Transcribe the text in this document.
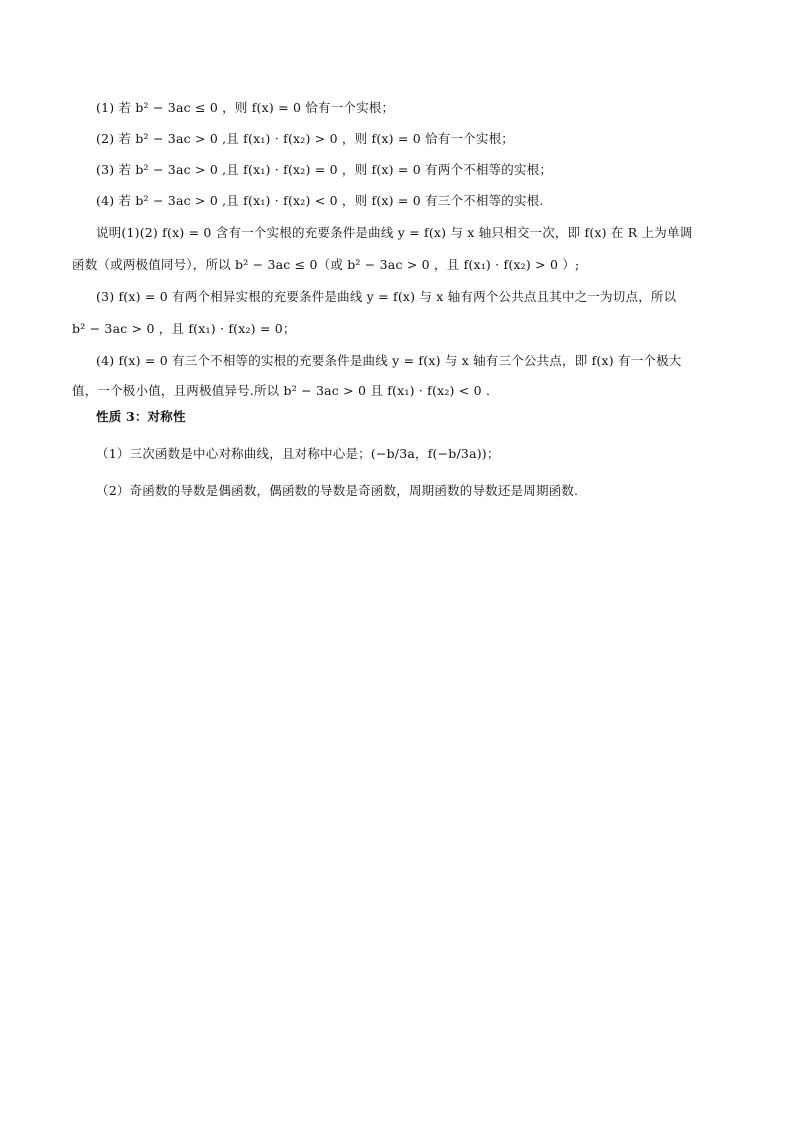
(1) 若 b² − 3ac ≤ 0 ，则 f(x) = 0 恰有一个实根；
(2) 若 b² − 3ac > 0 ,且 f(x₁) · f(x₂) > 0 ，则 f(x) = 0 恰有一个实根；
(3) 若 b² − 3ac > 0 ,且 f(x₁) · f(x₂) = 0 ，则 f(x) = 0 有两个不相等的实根；
(4) 若 b² − 3ac > 0 ,且 f(x₁) · f(x₂) < 0 ，则 f(x) = 0 有三个不相等的实根.
说明(1)(2) f(x) = 0 含有一个实根的充要条件是曲线 y = f(x) 与 x 轴只相交一次，即 f(x) 在 R 上为单调
函数（或两极值同号），所以 b² − 3ac ≤ 0（或 b² − 3ac > 0 ，且 f(x₁) · f(x₂) > 0 ）;
(3) f(x) = 0 有两个相异实根的充要条件是曲线 y = f(x) 与 x 轴有两个公共点且其中之一为切点，所以
b² − 3ac > 0 ，且 f(x₁) · f(x₂) = 0；
(4) f(x) = 0 有三个不相等的实根的充要条件是曲线 y = f(x) 与 x 轴有三个公共点，即 f(x) 有一个极大
值，一个极小值，且两极值异号.所以 b² − 3ac > 0 且 f(x₁) · f(x₂) < 0 .
性质 3：对称性
（1）三次函数是中心对称曲线，且对称中心是；(−b/3a，f(−b/3a))；
（2）奇函数的导数是偶函数，偶函数的导数是奇函数，周期函数的导数还是周期函数.
